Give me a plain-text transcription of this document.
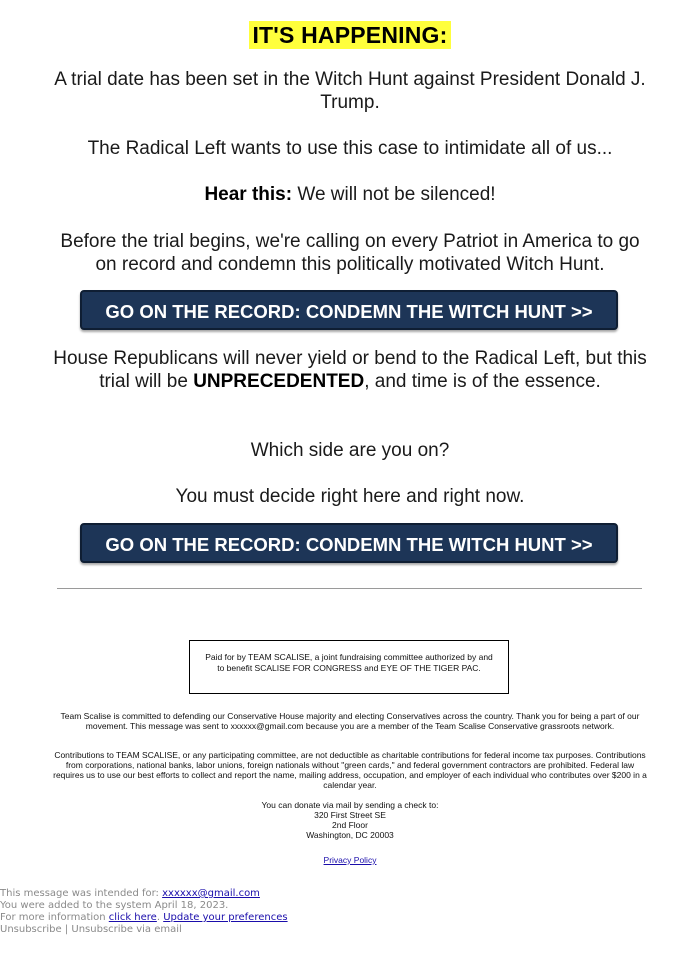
IT'S HAPPENING:
A trial date has been set in the Witch Hunt against President Donald J. Trump.
The Radical Left wants to use this case to intimidate all of us...
Hear this: We will not be silenced!
Before the trial begins, we're calling on every Patriot in America to go on record and condemn this politically motivated Witch Hunt.
GO ON THE RECORD: CONDEMN THE WITCH HUNT >>
House Republicans will never yield or bend to the Radical Left, but this trial will be UNPRECEDENTED, and time is of the essence.
Which side are you on?
You must decide right here and right now.
GO ON THE RECORD: CONDEMN THE WITCH HUNT >>
Paid for by TEAM SCALISE, a joint fundraising committee authorized by and to benefit SCALISE FOR CONGRESS and EYE OF THE TIGER PAC.
Team Scalise is committed to defending our Conservative House majority and electing Conservatives across the country. Thank you for being a part of our movement. This message was sent to xxxxxx@gmail.com because you are a member of the Team Scalise Conservative grassroots network.
Contributions to TEAM SCALISE, or any participating committee, are not deductible as charitable contributions for federal income tax purposes. Contributions from corporations, national banks, labor unions, foreign nationals without "green cards," and federal government contractors are prohibited. Federal law requires us to use our best efforts to collect and report the name, mailing address, occupation, and employer of each individual who contributes over $200 in a calendar year.
You can donate via mail by sending a check to:
320 First Street SE
2nd Floor
Washington, DC 20003
Privacy Policy
This message was intended for: xxxxxx@gmail.com
You were added to the system April 18, 2023.
For more information click here. Update your preferences
Unsubscribe | Unsubscribe via email
